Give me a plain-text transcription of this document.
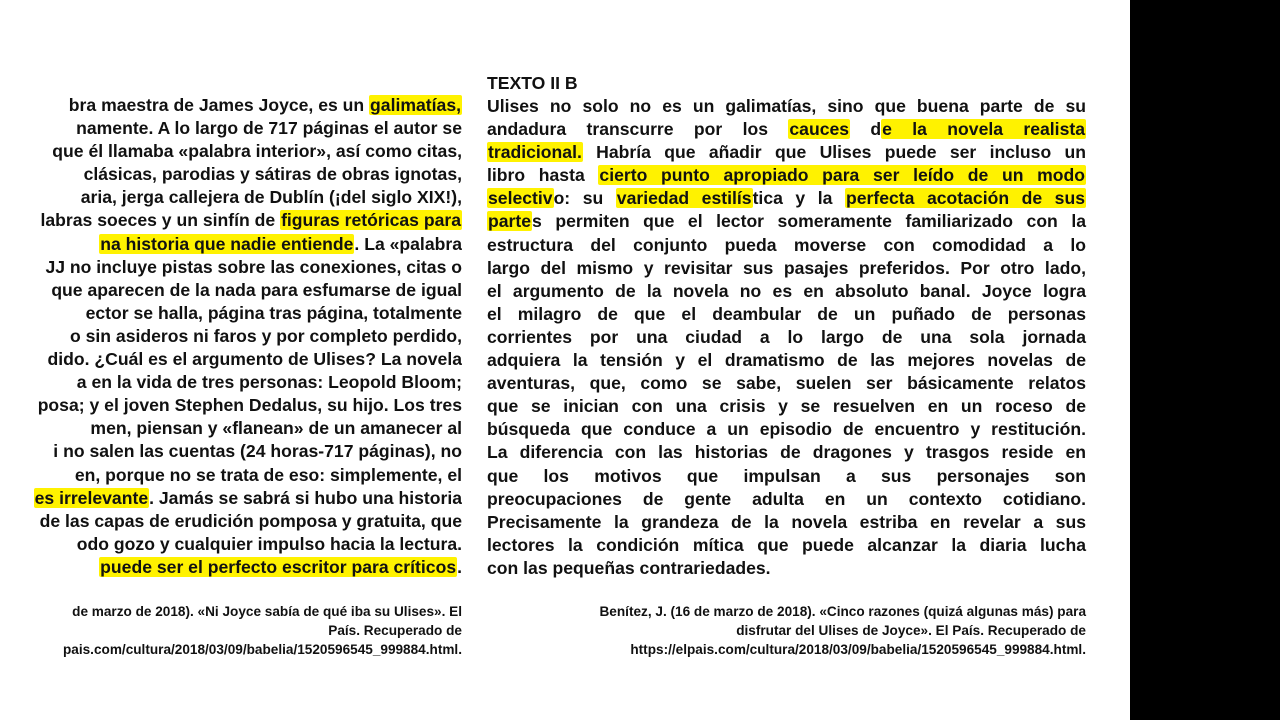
bra maestra de James Joyce, es un galimatías,
namente. A lo largo de 717 páginas el autor se
que él llamaba «palabra interior», así como citas,
clásicas, parodias y sátiras de obras ignotas,
aria, jerga callejera de Dublín (¡del siglo XIX!),
labras soeces y un sinfín de figuras retóricas para
na historia que nadie entiende. La «palabra
JJ no incluye pistas sobre las conexiones, citas o
que aparecen de la nada para esfumarse de igual
ector se halla, página tras página, totalmente
o sin asideros ni faros y por completo perdido,
dido. ¿Cuál es el argumento de Ulises? La novela
a en la vida de tres personas: Leopold Bloom;
posa; y el joven Stephen Dedalus, su hijo. Los tres
men, piensan y «flanean» de un amanecer al
i no salen las cuentas (24 horas-717 páginas), no
en, porque no se trata de eso: simplemente, el
es irrelevante. Jamás se sabrá si hubo una historia
de las capas de erudición pomposa y gratuita, que
odo gozo y cualquier impulso hacia la lectura.
puede ser el perfecto escritor para críticos.
TEXTO II B
Ulises no solo no es un galimatías, sino que buena parte de su
andadura transcurre por los cauces de la novela realista
tradicional. Habría que añadir que Ulises puede ser incluso un
libro hasta cierto punto apropiado para ser leído de un modo
selectivo: su variedad estilística y la perfecta acotación de sus
partes permiten que el lector someramente familiarizado con la
estructura del conjunto pueda moverse con comodidad a lo
largo del mismo y revisitar sus pasajes preferidos. Por otro lado,
el argumento de la novela no es en absoluto banal. Joyce logra
el milagro de que el deambular de un puñado de personas
corrientes por una ciudad a lo largo de una sola jornada
adquiera la tensión y el dramatismo de las mejores novelas de
aventuras, que, como se sabe, suelen ser básicamente relatos
que se inician con una crisis y se resuelven en un roceso de
búsqueda que conduce a un episodio de encuentro y restitución.
La diferencia con las historias de dragones y trasgos reside en
que los motivos que impulsan a sus personajes son
preocupaciones de gente adulta en un contexto cotidiano.
Precisamente la grandeza de la novela estriba en revelar a sus
lectores la condición mítica que puede alcanzar la diaria lucha
con las pequeñas contrariedades.
de marzo de 2018). «Ni Joyce sabía de qué iba su Ulises». El
País. Recuperado de
pais.com/cultura/2018/03/09/babelia/1520596545_999884.html.
Benítez, J. (16 de marzo de 2018). «Cinco razones (quizá algunas más) para
disfrutar del Ulises de Joyce». El País. Recuperado de
https://elpais.com/cultura/2018/03/09/babelia/1520596545_999884.html.
